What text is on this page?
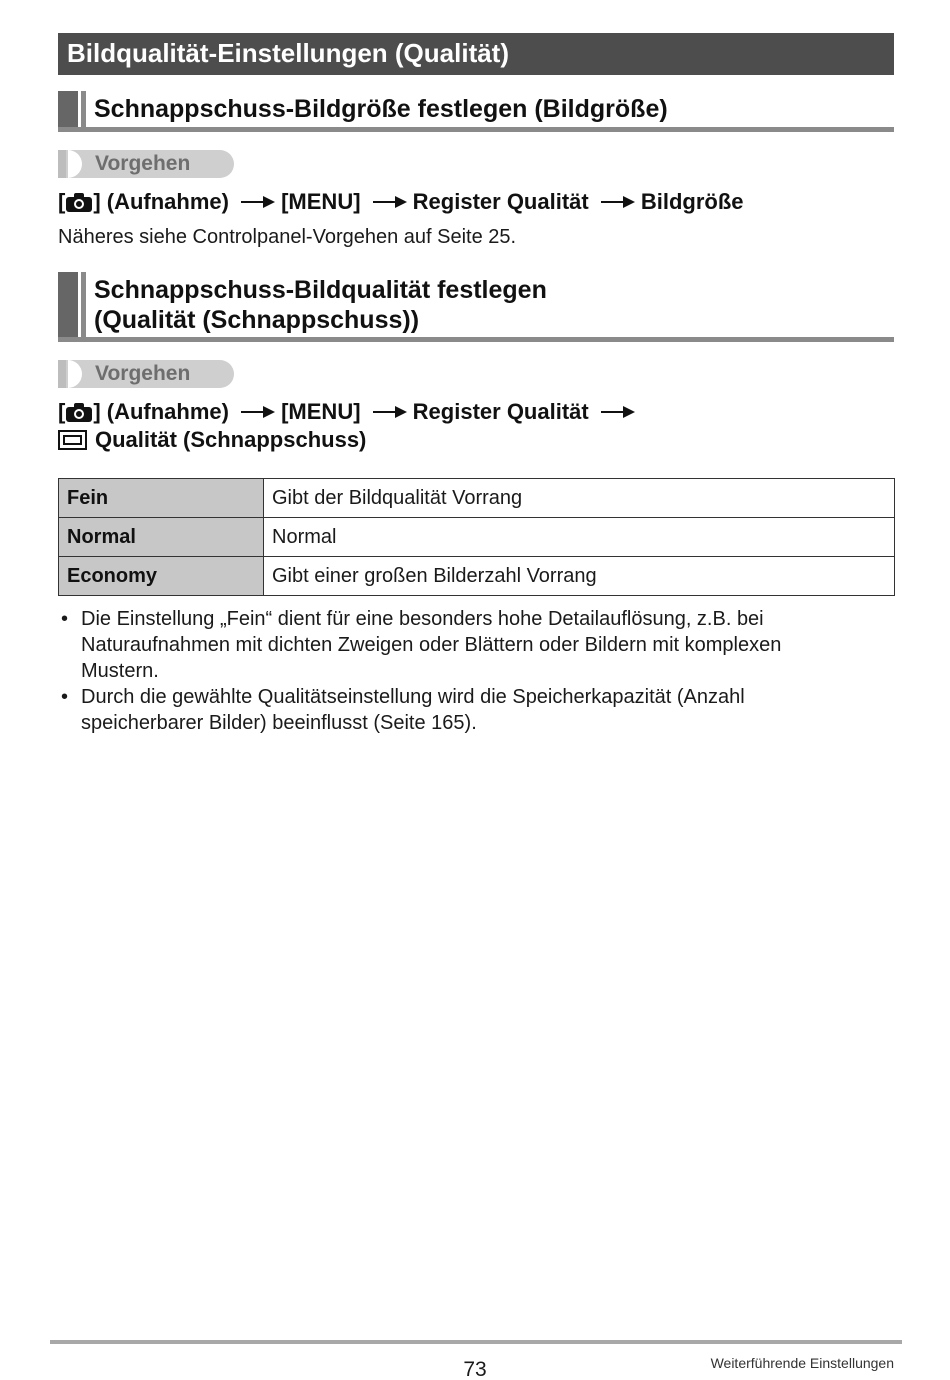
Bildqualität-Einstellungen (Qualität)
Schnappschuss-Bildgröße festlegen (Bildgröße)
Vorgehen
[ ] (Aufnahme) [MENU] Register Qualität Bildgröße
Näheres siehe Controlpanel-Vorgehen auf Seite 25.
Schnappschuss-Bildqualität festlegen
(Qualität (Schnappschuss))
Vorgehen
[ ] (Aufnahme) [MENU] Register Qualität
Qualität (Schnappschuss)
Fein	Gibt der Bildqualität Vorrang
Normal	Normal
Economy	Gibt einer großen Bilderzahl Vorrang
• Die Einstellung „Fein“ dient für eine besonders hohe Detailauflösung, z.B. bei
Naturaufnahmen mit dichten Zweigen oder Blättern oder Bildern mit komplexen
Mustern.
• Durch die gewählte Qualitätseinstellung wird die Speicherkapazität (Anzahl
speicherbarer Bilder) beeinflusst (Seite 165).
73	Weiterführende Einstellungen
